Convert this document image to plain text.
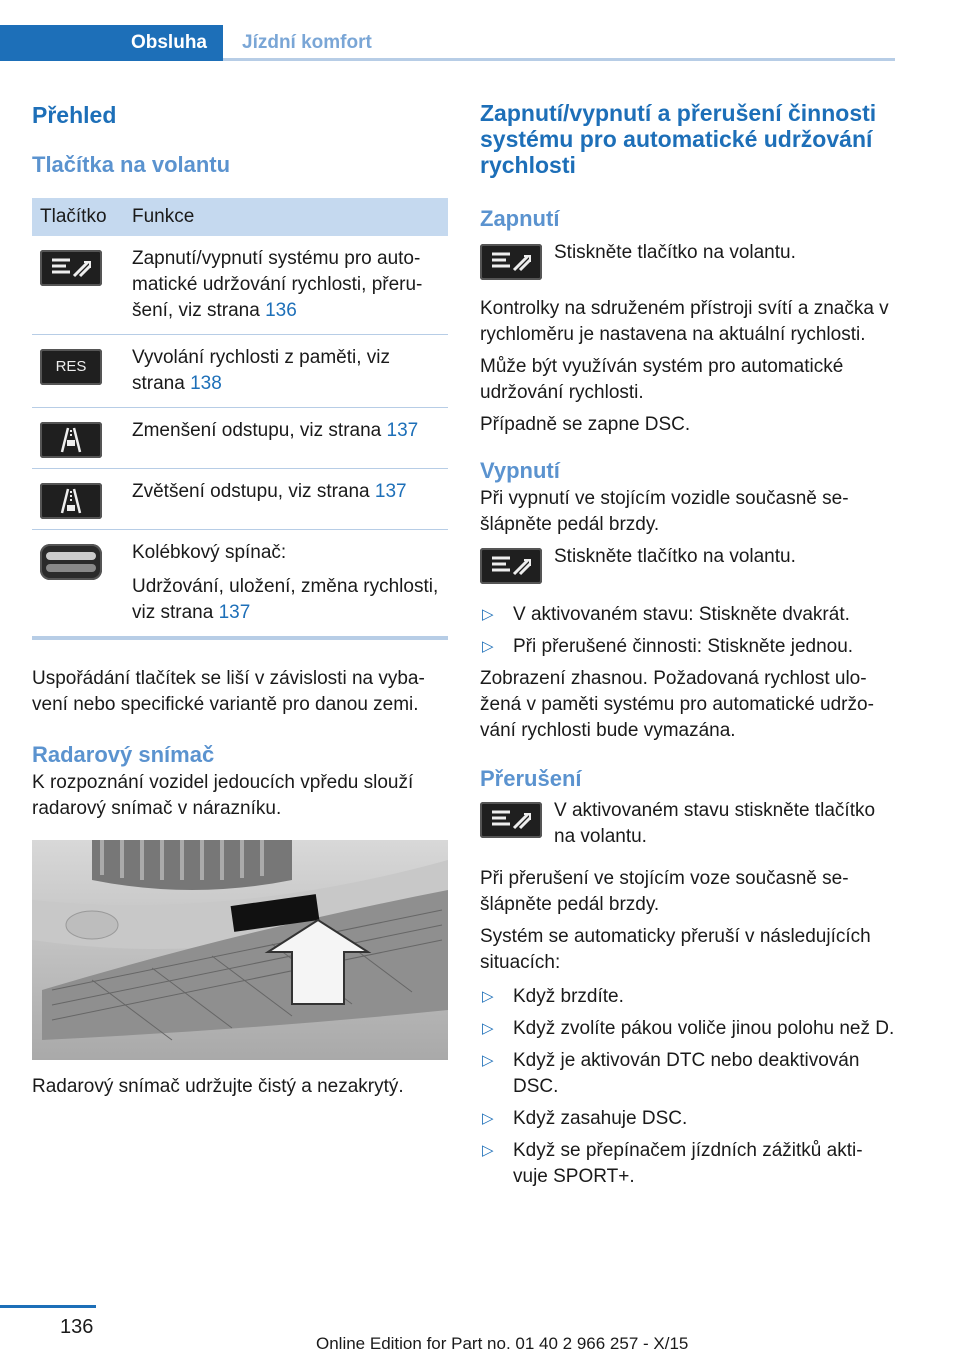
Obsluha	Jízdní komfort
Přehled
Tlačítka na volantu
Tlačítko	Funkce

	Zapnutí/vypnutí systému pro auto-matické udržování rychlosti, přeru-šení, viz strana 136

RES	Vyvolání rychlosti z paměti, viz strana 138

	Zmenšení odstupu, viz strana 137

	Zvětšení odstupu, viz strana 137

Kolébkový spínač:
Udržování, uložení, změna rychlosti, viz strana 137

Uspořádání tlačítek se liší v závislosti na vyba-vení nebo specifické variantě pro danou zemi.

Radarový snímač

K rozpoznání vozidel jedoucích vpředu slouží radarový snímač v nárazníku.

Radarový snímač udržujte čistý a nezakrytý.

Zapnutí/vypnutí a přerušení činnosti systému pro automatické udržování rychlosti
Zapnutí

Stiskněte tlačítko na volantu.

Kontrolky na sdruženém přístroji svítí a značka v rychloměru je nastavena na aktuální rychlosti.

Může být využíván systém pro automatické udržování rychlosti.

Případně se zapne DSC.

Vypnutí

Při vypnutí ve stojícím vozidle současně se-šlápněte pedál brzdy.

Stiskněte tlačítko na volantu.

▷ V aktivovaném stavu: Stiskněte dvakrát.
▷ Při přerušené činnosti: Stiskněte jednou.

Zobrazení zhasnou. Požadovaná rychlost ulo-žená v paměti systému pro automatické udržo-vání rychlosti bude vymazána.

Přerušení

V aktivovaném stavu stiskněte tlačítko na volantu.

Při přerušení ve stojícím voze současně se-šlápněte pedál brzdy.

Systém se automaticky přeruší v následujících situacích:

▷ Když brzdíte.
▷ Když zvolíte pákou voliče jinou polohu než D.
▷ Když je aktivován DTC nebo deaktivován DSC.
▷ Když zasahuje DSC.
▷ Když se přepínačem jízdních zážitků akti-vuje SPORT+.
136
Online Edition for Part no. 01 40 2 966 257 - X/15
